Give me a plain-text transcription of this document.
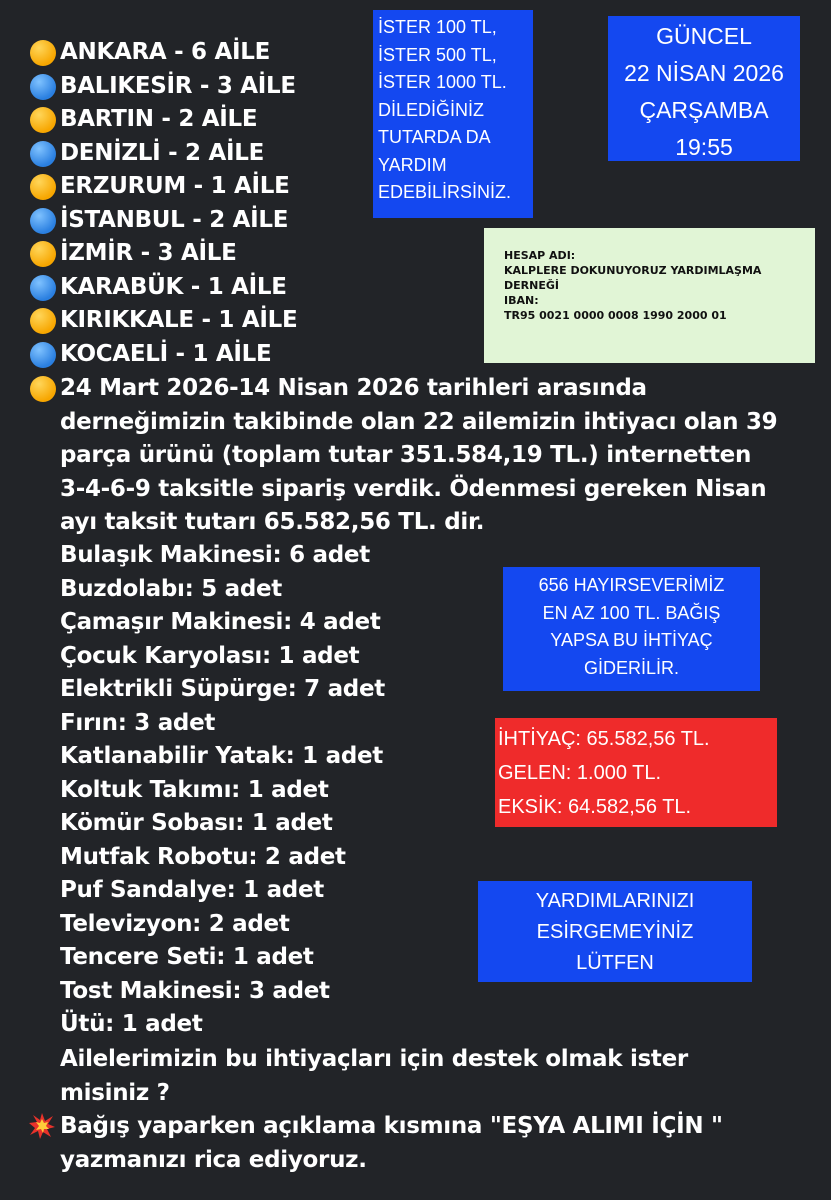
ANKARA - 6 AİLE
BALIKESİR - 3 AİLE
BARTIN - 2 AİLE
DENİZLİ - 2 AİLE
ERZURUM - 1 AİLE
İSTANBUL - 2 AİLE
İZMİR - 3 AİLE
KARABÜK - 1 AİLE
KIRIKKALE - 1 AİLE
KOCAELİ - 1 AİLE
24 Mart 2026-14 Nisan 2026 tarihleri arasında
derneğimizin takibinde olan 22 ailemizin ihtiyacı olan 39
parça ürünü (toplam tutar 351.584,19 TL.) internetten
3-4-6-9 taksitle sipariş verdik. Ödenmesi gereken Nisan
ayı taksit tutarı 65.582,56 TL. dir.
Bulaşık Makinesi: 6 adet
Buzdolabı: 5 adet
Çamaşır Makinesi: 4 adet
Çocuk Karyolası: 1 adet
Elektrikli Süpürge: 7 adet
Fırın: 3 adet
Katlanabilir Yatak: 1 adet
Koltuk Takımı: 1 adet
Kömür Sobası: 1 adet
Mutfak Robotu: 2 adet
Puf Sandalye: 1 adet
Televizyon: 2 adet
Tencere Seti: 1 adet
Tost Makinesi: 3 adet
Ütü: 1 adet
Ailelerimizin bu ihtiyaçları için destek olmak ister
misiniz ?
Bağış yaparken açıklama kısmına "EŞYA ALIMI İÇİN "
yazmanızı rica ediyoruz.
İSTER 100 TL,
İSTER 500 TL,
İSTER 1000 TL.
DİLEDİĞİNİZ
TUTARDA DA
YARDIM
EDEBİLİRSİNİZ.
GÜNCEL
22 NİSAN 2026
ÇARŞAMBA
19:55
HESAP ADI:
KALPLERE DOKUNUYORUZ YARDIMLAŞMA
DERNEĞİ
IBAN:
TR95 0021 0000 0008 1990 2000 01
656 HAYIRSEVERİMİZ
EN AZ 100 TL. BAĞIŞ
YAPSA BU İHTİYAÇ
GİDERİLİR.
İHTİYAÇ: 65.582,56 TL.
GELEN: 1.000 TL.
EKSİK: 64.582,56 TL.
YARDIMLARINIZI
ESİRGEMEYİNİZ
LÜTFEN
